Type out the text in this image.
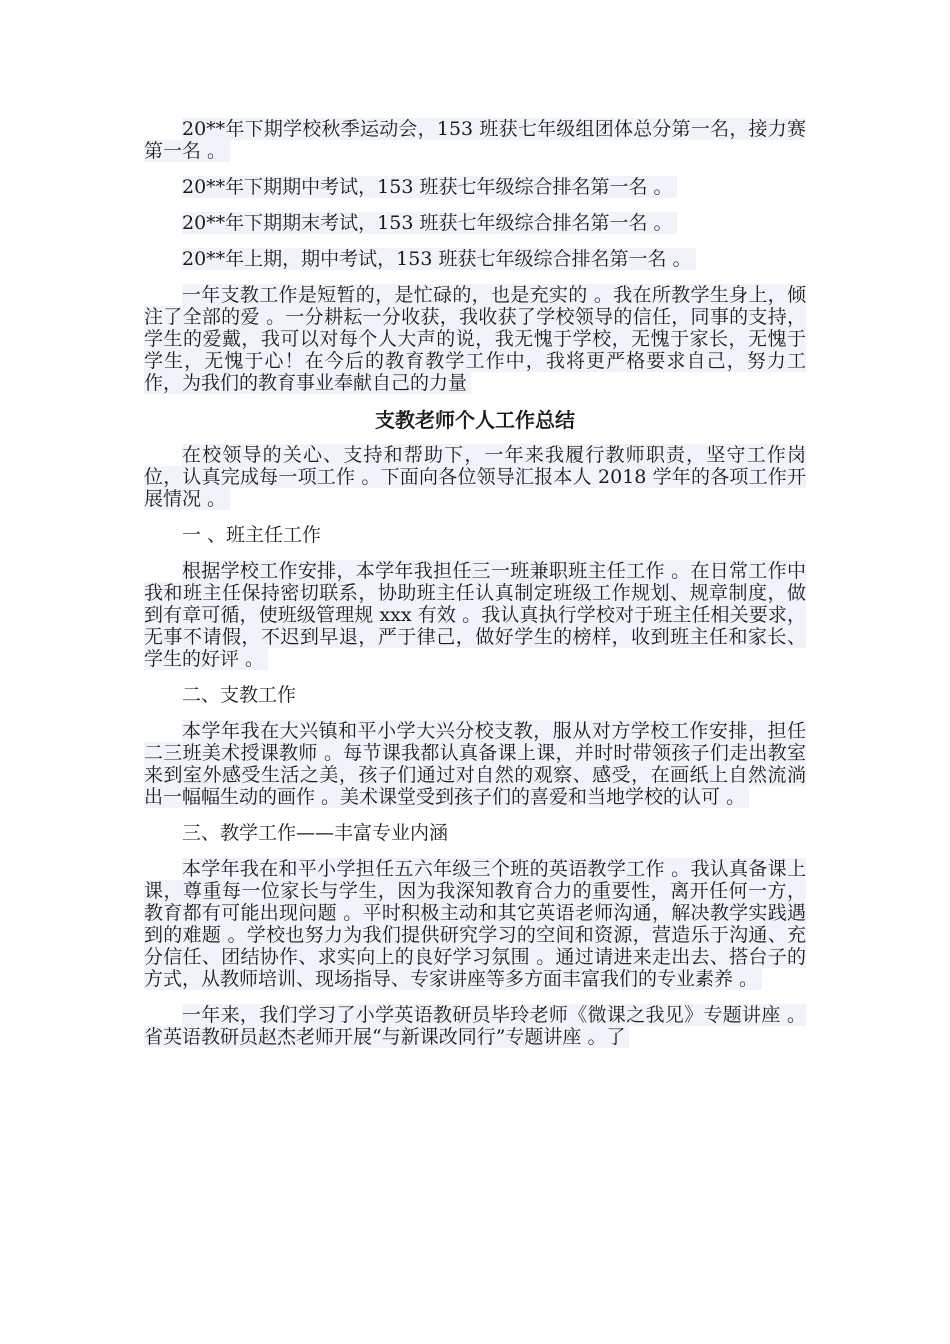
20**年下期学校秋季运动会，153 班获七年级组团体总分第一名，接力赛第一名 。

20**年下期期中考试，153 班获七年级综合排名第一名 。

20**年下期期末考试，153 班获七年级综合排名第一名 。

20**年上期，期中考试，153 班获七年级综合排名第一名 。

一年支教工作是短暂的，是忙碌的，也是充实的 。我在所教学生身上，倾注了全部的爱 。一分耕耘一分收获，我收获了学校领导的信任，同事的支持，学生的爱戴，我可以对每个人大声的说，我无愧于学校，无愧于家长，无愧于学生，无愧于心！在今后的教育教学工作中，我将更严格要求自己，努力工作，为我们的教育事业奉献自己的力量

支教老师个人工作总结

在校领导的关心、支持和帮助下，一年来我履行教师职责，坚守工作岗位，认真完成每一项工作 。下面向各位领导汇报本人 2018 学年的各项工作开展情况 。

一 、班主任工作

根据学校工作安排，本学年我担任三一班兼职班主任工作 。在日常工作中我和班主任保持密切联系，协助班主任认真制定班级工作规划、规章制度，做到有章可循，使班级管理规 xxx 有效 。我认真执行学校对于班主任相关要求，无事不请假，不迟到早退，严于律己，做好学生的榜样，收到班主任和家长、学生的好评 。

二、支教工作

本学年我在大兴镇和平小学大兴分校支教，服从对方学校工作安排，担任二三班美术授课教师 。每节课我都认真备课上课，并时时带领孩子们走出教室来到室外感受生活之美，孩子们通过对自然的观察、感受，在画纸上自然流淌出一幅幅生动的画作 。美术课堂受到孩子们的喜爱和当地学校的认可 。

三、教学工作——丰富专业内涵

本学年我在和平小学担任五六年级三个班的英语教学工作 。我认真备课上课，尊重每一位家长与学生，因为我深知教育合力的重要性，离开任何一方，教育都有可能出现问题 。平时积极主动和其它英语老师沟通，解决教学实践遇到的难题 。学校也努力为我们提供研究学习的空间和资源，营造乐于沟通、充分信任、团结协作、求实向上的良好学习氛围 。通过请进来走出去、搭台子的方式，从教师培训、现场指导、专家讲座等多方面丰富我们的专业素养 。

一年来，我们学习了小学英语教研员毕玲老师《微课之我见》专题讲座 。省英语教研员赵杰老师开展“与新课改同行”专题讲座 。了
